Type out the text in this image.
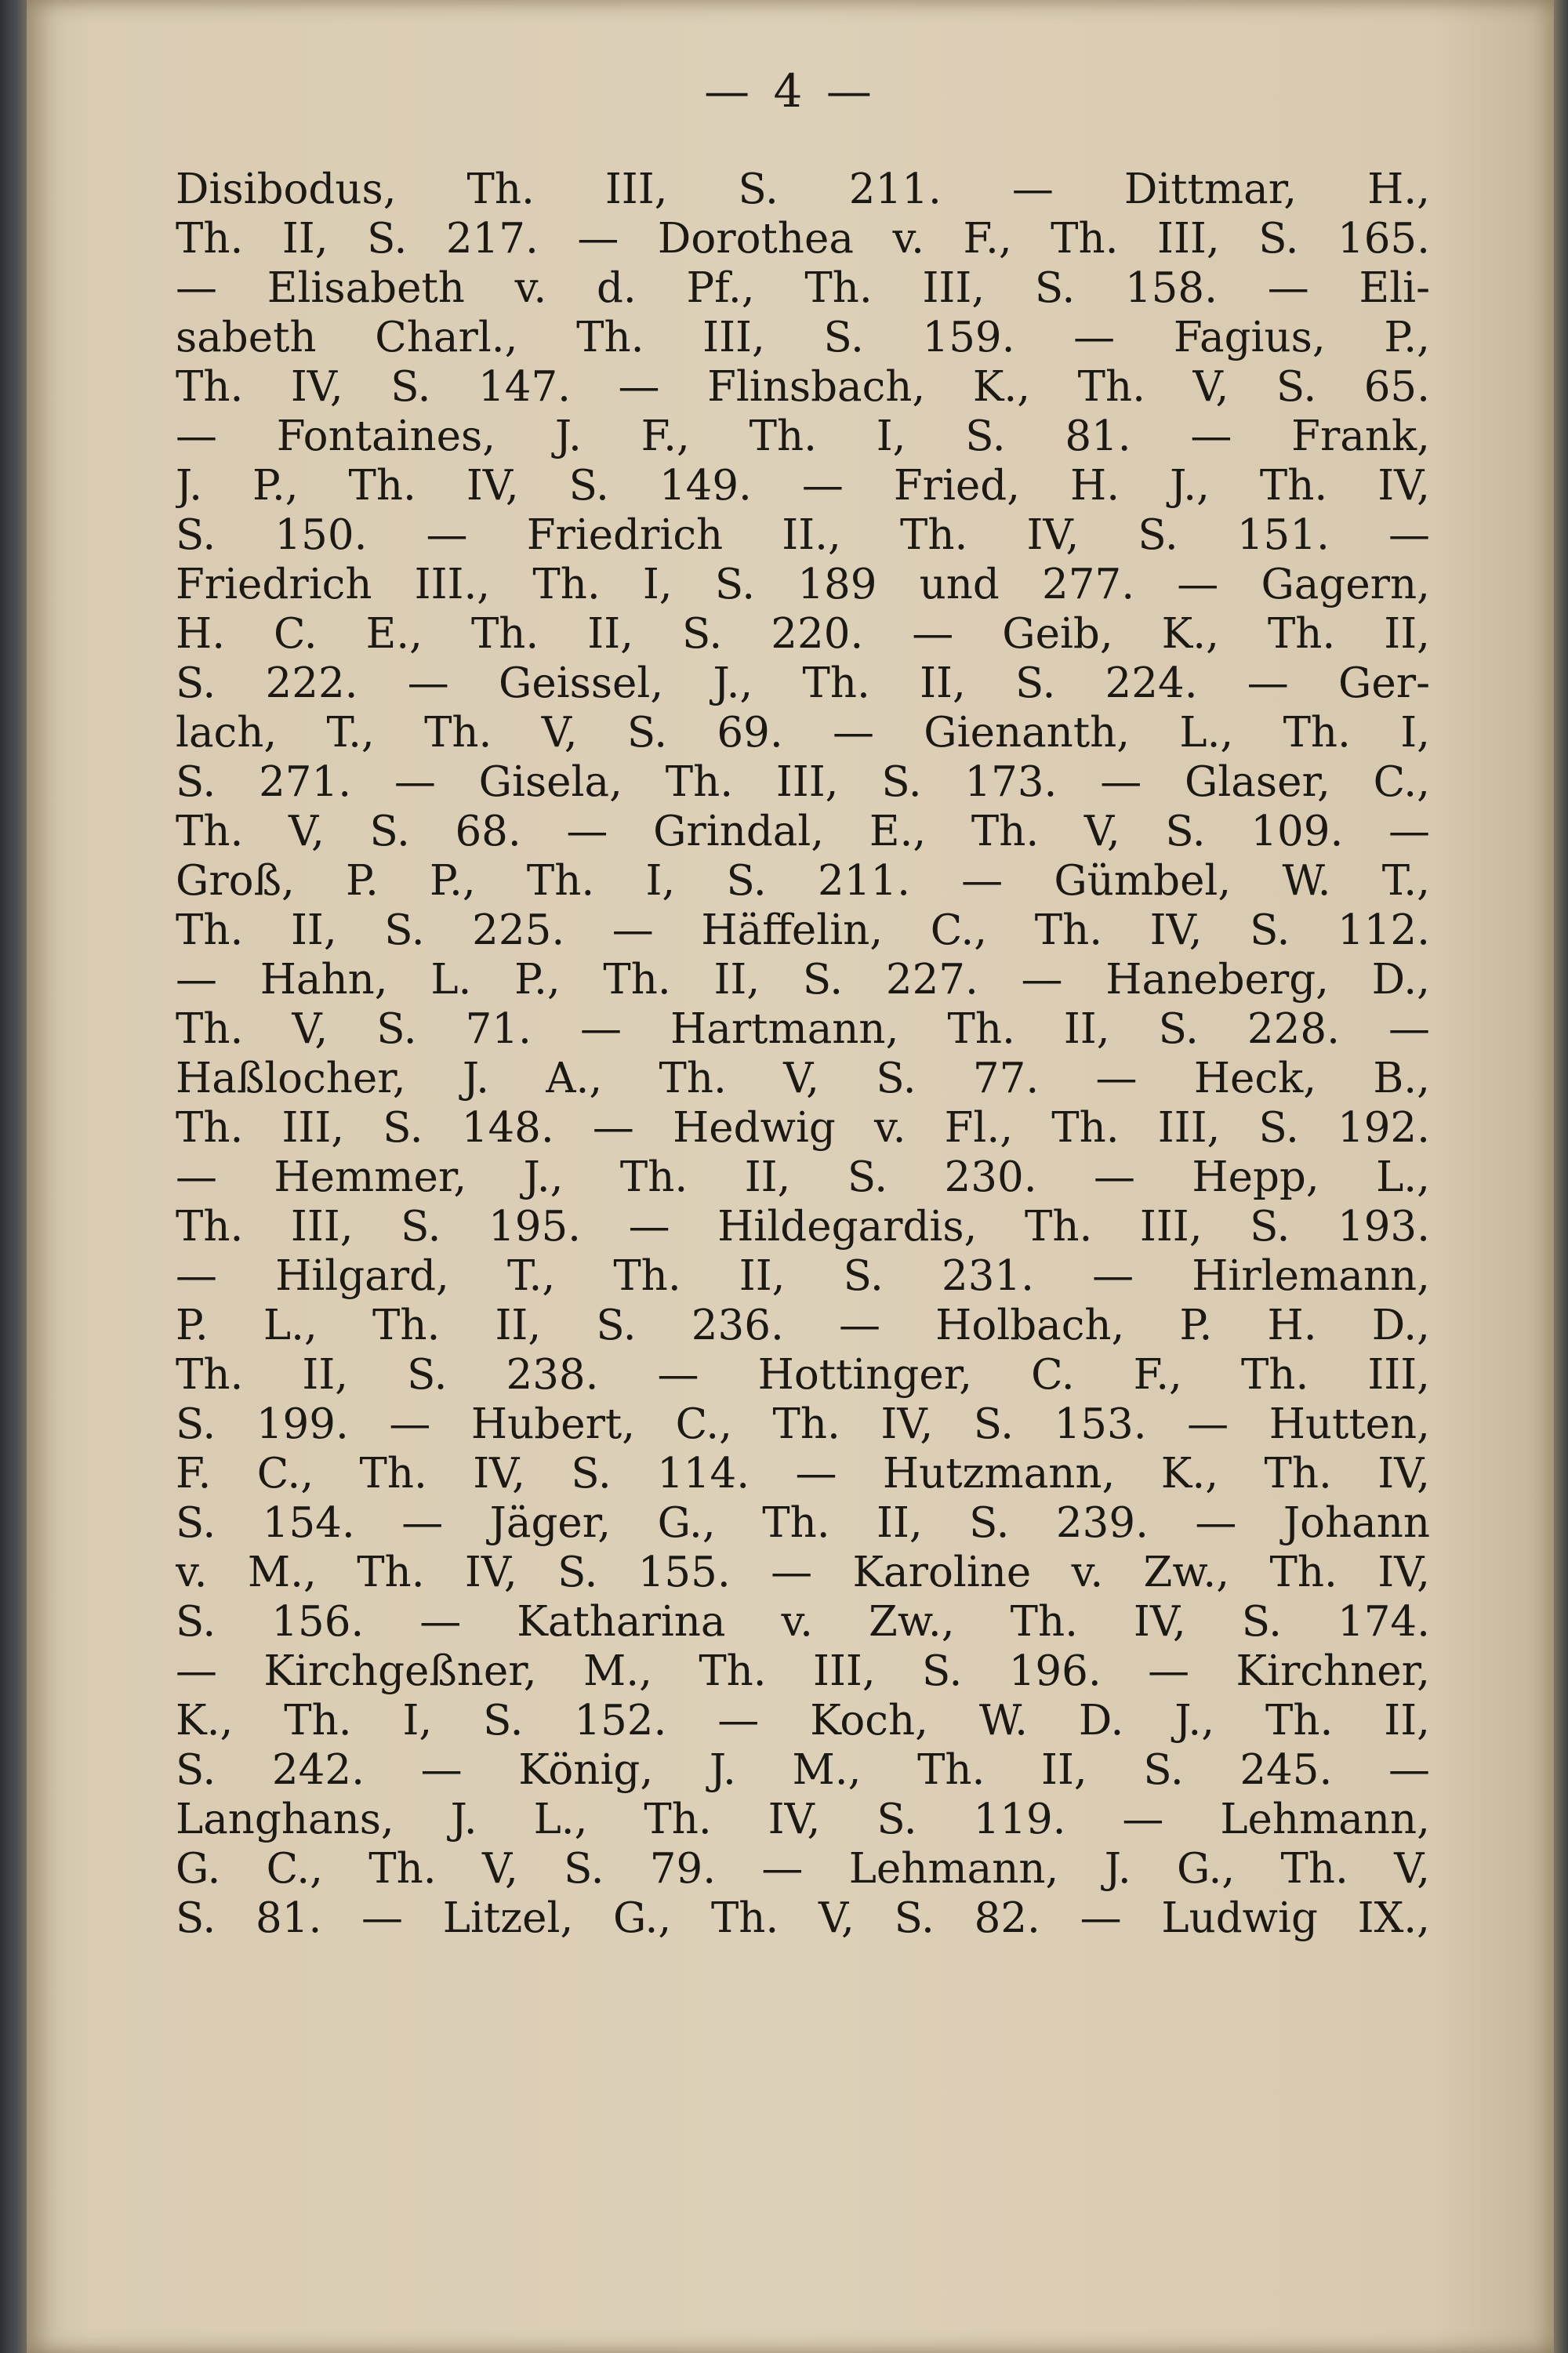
— 4 —
Disibodus, Th. III, S. 211. — Dittmar, H.,
Th. II, S. 217. — Dorothea v. F., Th. III, S. 165.
— Elisabeth v. d. Pf., Th. III, S. 158. — Eli-
sabeth Charl., Th. III, S. 159. — Fagius, P.,
Th. IV, S. 147. — Flinsbach, K., Th. V, S. 65.
— Fontaines, J. F., Th. I, S. 81. — Frank,
J. P., Th. IV, S. 149. — Fried, H. J., Th. IV,
S. 150. — Friedrich II., Th. IV, S. 151. —
Friedrich III., Th. I, S. 189 und 277. — Gagern,
H. C. E., Th. II, S. 220. — Geib, K., Th. II,
S. 222. — Geissel, J., Th. II, S. 224. — Ger-
lach, T., Th. V, S. 69. — Gienanth, L., Th. I,
S. 271. — Gisela, Th. III, S. 173. — Glaser, C.,
Th. V, S. 68. — Grindal, E., Th. V, S. 109. —
Groß, P. P., Th. I, S. 211. — Gümbel, W. T.,
Th. II, S. 225. — Häffelin, C., Th. IV, S. 112.
— Hahn, L. P., Th. II, S. 227. — Haneberg, D.,
Th. V, S. 71. — Hartmann, Th. II, S. 228. —
Haßlocher, J. A., Th. V, S. 77. — Heck, B.,
Th. III, S. 148. — Hedwig v. Fl., Th. III, S. 192.
— Hemmer, J., Th. II, S. 230. — Hepp, L.,
Th. III, S. 195. — Hildegardis, Th. III, S. 193.
— Hilgard, T., Th. II, S. 231. — Hirlemann,
P. L., Th. II, S. 236. — Holbach, P. H. D.,
Th. II, S. 238. — Hottinger, C. F., Th. III,
S. 199. — Hubert, C., Th. IV, S. 153. — Hutten,
F. C., Th. IV, S. 114. — Hutzmann, K., Th. IV,
S. 154. — Jäger, G., Th. II, S. 239. — Johann
v. M., Th. IV, S. 155. — Karoline v. Zw., Th. IV,
S. 156. — Katharina v. Zw., Th. IV, S. 174.
— Kirchgeßner, M., Th. III, S. 196. — Kirchner,
K., Th. I, S. 152. — Koch, W. D. J., Th. II,
S. 242. — König, J. M., Th. II, S. 245. —
Langhans, J. L., Th. IV, S. 119. — Lehmann,
G. C., Th. V, S. 79. — Lehmann, J. G., Th. V,
S. 81. — Litzel, G., Th. V, S. 82. — Ludwig IX.,
